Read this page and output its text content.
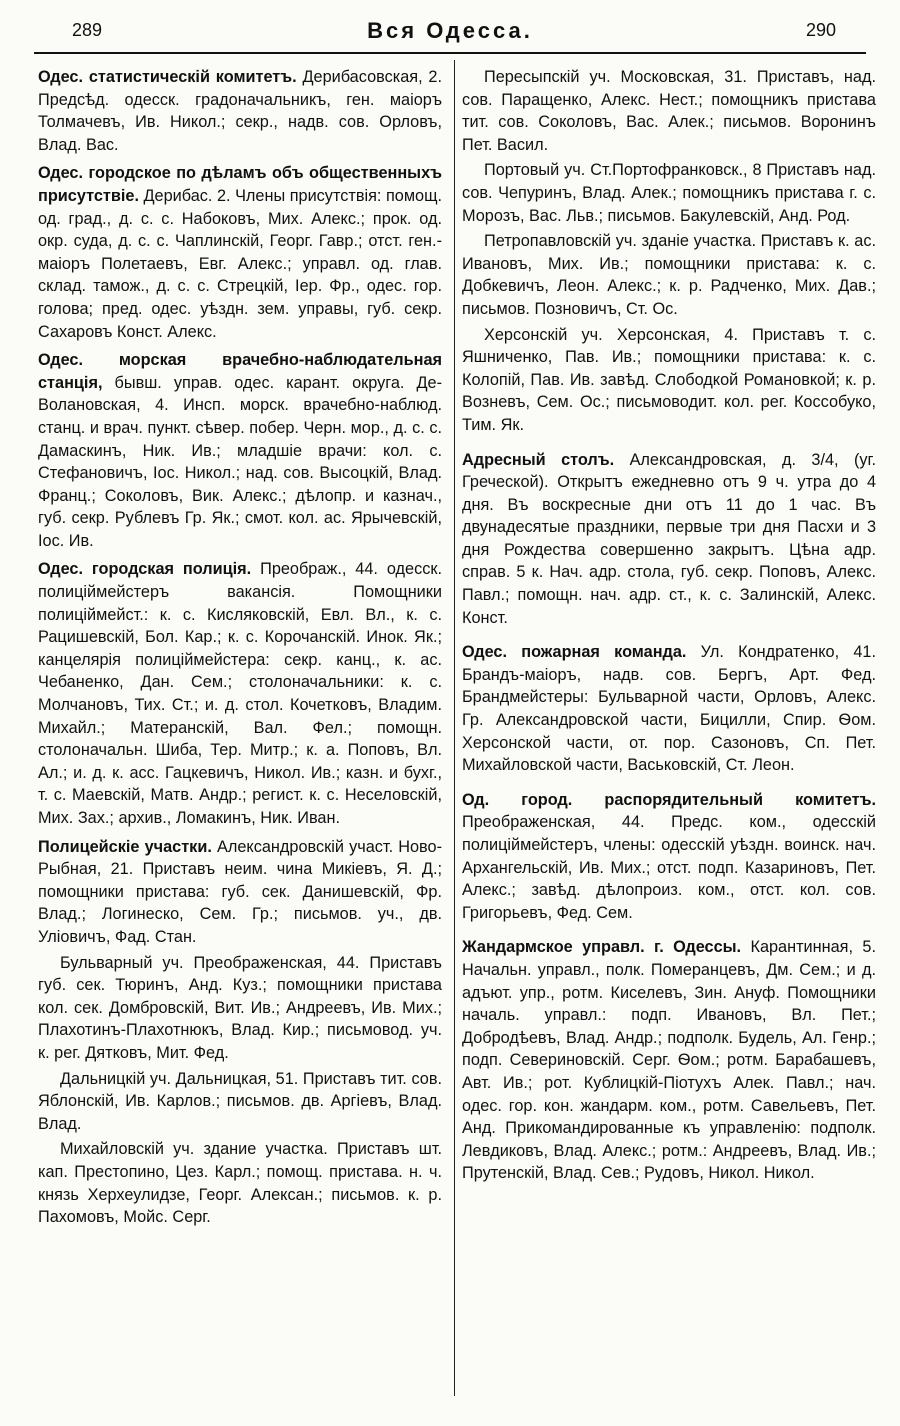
289	Вся Одесса.	290

Одес. статистическій комитетъ. Дерибасовская, 2. Предсѣд. одесск. градоначальникъ, ген. маіоръ Толмачевъ, Ив. Никол.; секр., надв. сов. Орловъ, Влад. Вас.

Одес. городское по дѣламъ объ общественныхъ присутствіе. Дерибас. 2. Члены присутствія: помощ. од. град., д. с. с. Набоковъ, Мих. Алекс.; прок. од. окр. суда, д. с. с. Чаплинскій, Георг. Гавр.; отст. ген.-маіоръ Полетаевъ, Евг. Алекс.; управл. од. глав. склад. тамож., д. с. с. Стрецкій, Iер. Фр., одес. гор. голова; пред. одес. уѣздн. зем. управы, губ. секр. Сахаровъ Конст. Алекс.

Одес. морская врачебно-наблюдательная станція, бывш. управ. одес. карант. округа. Де-Волановская, 4. Инсп. морск. врачебно-наблюд. станц. и врач. пункт. сѣвер. побер. Черн. мор., д. с. с. Дамаскинъ, Ник. Ив.; младшіе врачи: кол. с. Стефановичъ, Iос. Никол.; над. сов. Высоцкій, Влад. Франц.; Соколовъ, Вик. Алекс.; дѣлопр. и казнач., губ. секр. Рублевъ Гр. Як.; смот. кол. ас. Ярычевскій, Iос. Ив.

Одес. городская полиція. Преображ., 44. одесск. полиціймейстеръ вакансія. Помощники полиціймейст.: к. с. Кисляковскій, Евл. Вл., к. с. Рацишевскій, Бол. Кар.; к. с. Корочанскій. Инок. Як.; канцелярія полиціймейстера: секр. канц., к. ас. Чебаненко, Дан. Сем.; столоначальники: к. с. Молчановъ, Тих. Ст.; и. д. стол. Кочетковъ, Владим. Михайл.; Матеранскій, Вал. Фел.; помощн. столоначальн. Шиба, Тер. Митр.; к. а. Поповъ, Вл. Ал.; и. д. к. асс. Гацкевичъ, Никол. Ив.; казн. и бухг., т. с. Маевскій, Матв. Андр.; регист. к. с. Неселовскій, Мих. Зах.; архив., Ломакинъ, Ник. Иван.

Полицейскіе участки. Александровскій участ. Ново-Рыбная, 21. Приставъ неим. чина Микіевъ, Я. Д.; помощники пристава: губ. сек. Данишевскій, Фр. Влад.; Логинеско, Сем. Гр.; письмов. уч., дв. Уліовичъ, Фад. Стан.

Бульварный уч. Преображенская, 44. Приставъ губ. сек. Тюринъ, Анд. Куз.; помощники пристава кол. сек. Домбровскій, Вит. Ив.; Андреевъ, Ив. Мих.; Плахотинъ-Плахотнюкъ, Влад. Кир.; письмовод. уч. к. рег. Дятковъ, Мит. Фед.

Дальницкій уч. Дальницкая, 51. Приставъ тит. сов. Яблонскій, Ив. Карлов.; письмов. дв. Аргіевъ, Влад. Влад.

Михайловскій уч. здание участка. Приставъ шт. кап. Престопино, Цез. Карл.; помощ. пристава. н. ч. князь Херхеулидзе, Георг. Алексан.; письмов. к. р. Пахомовъ, Мойс. Серг.

Пересыпскій уч. Московская, 31. Приставъ, над. сов. Паращенко, Алекс. Нест.; помощникъ пристава тит. сов. Соколовъ, Вас. Алек.; письмов. Воронинъ Пет. Васил.

Портовый уч. Ст.Портофранковск., 8 Приставъ над. сов. Чепуринъ, Влад. Алек.; помощникъ пристава г. с. Морозъ, Вас. Льв.; письмов. Бакулевскій, Анд. Род.

Петропавловскій уч. зданіе участка. Приставъ к. ас. Ивановъ, Мих. Ив.; помощники пристава: к. с. Добкевичъ, Леон. Алекс.; к. р. Радченко, Мих. Дав.; письмов. Позновичъ, Ст. Ос.

Херсонскій уч. Херсонская, 4. Приставъ т. с. Яшниченко, Пав. Ив.; помощники пристава: к. с. Колопій, Пав. Ив. завѣд. Слободкой Романовкой; к. р. Возневъ, Сем. Ос.; письмоводит. кол. рег. Коссобуко, Тим. Як.

Адресный столъ. Александровская, д. 3/4, (уг. Греческой). Открытъ ежедневно отъ 9 ч. утра до 4 дня. Въ воскресные дни отъ 11 до 1 час. Въ двунадесятые праздники, первые три дня Пасхи и 3 дня Рождества совершенно закрытъ. Цѣна адр. справ. 5 к. Нач. адр. стола, губ. секр. Поповъ, Алекс. Павл.; помощн. нач. адр. ст., к. с. Залинскій, Алекс. Конст.

Одес. пожарная команда. Ул. Кондратенко, 41. Брандъ-маіоръ, надв. сов. Бергъ, Арт. Фед. Брандмейстеры: Бульварной части, Орловъ, Алекс. Гр. Александровской части, Бицилли, Спир. Ѳом. Херсонской части, от. пор. Сазоновъ, Сп. Пет. Михайловской части, Васьковскій, Ст. Леон.

Од. город. распорядительный комитетъ. Преображенская, 44. Предс. ком., одесскій полиціймейстеръ, члены: одесскій уѣздн. воинск. нач. Архангельскій, Ив. Мих.; отст. подп. Казариновъ, Пет. Алекс.; завѣд. дѣлопроиз. ком., отст. кол. сов. Григорьевъ, Фед. Сем.

Жандармское управл. г. Одессы. Карантинная, 5. Начальн. управл., полк. Померанцевъ, Дм. Сем.; и д. адъют. упр., ротм. Киселевъ, Зин. Ануф. Помощники началь. управл.: подп. Ивановъ, Вл. Пет.; Добродѣевъ, Влад. Андр.; подполк. Будель, Ал. Генр.; подп. Севериновскій. Серг. Ѳом.; ротм. Барабашевъ, Авт. Ив.; рот. Кублицкій-Піотухъ Алек. Павл.; нач. одес. гор. кон. жандарм. ком., ротм. Савельевъ, Пет. Анд. Прикомандированные къ управленію: подполк. Левдиковъ, Влад. Алекс.; ротм.: Андреевъ, Влад. Ив.; Прутенскій, Влад. Сев.; Рудовъ, Никол. Никол.
